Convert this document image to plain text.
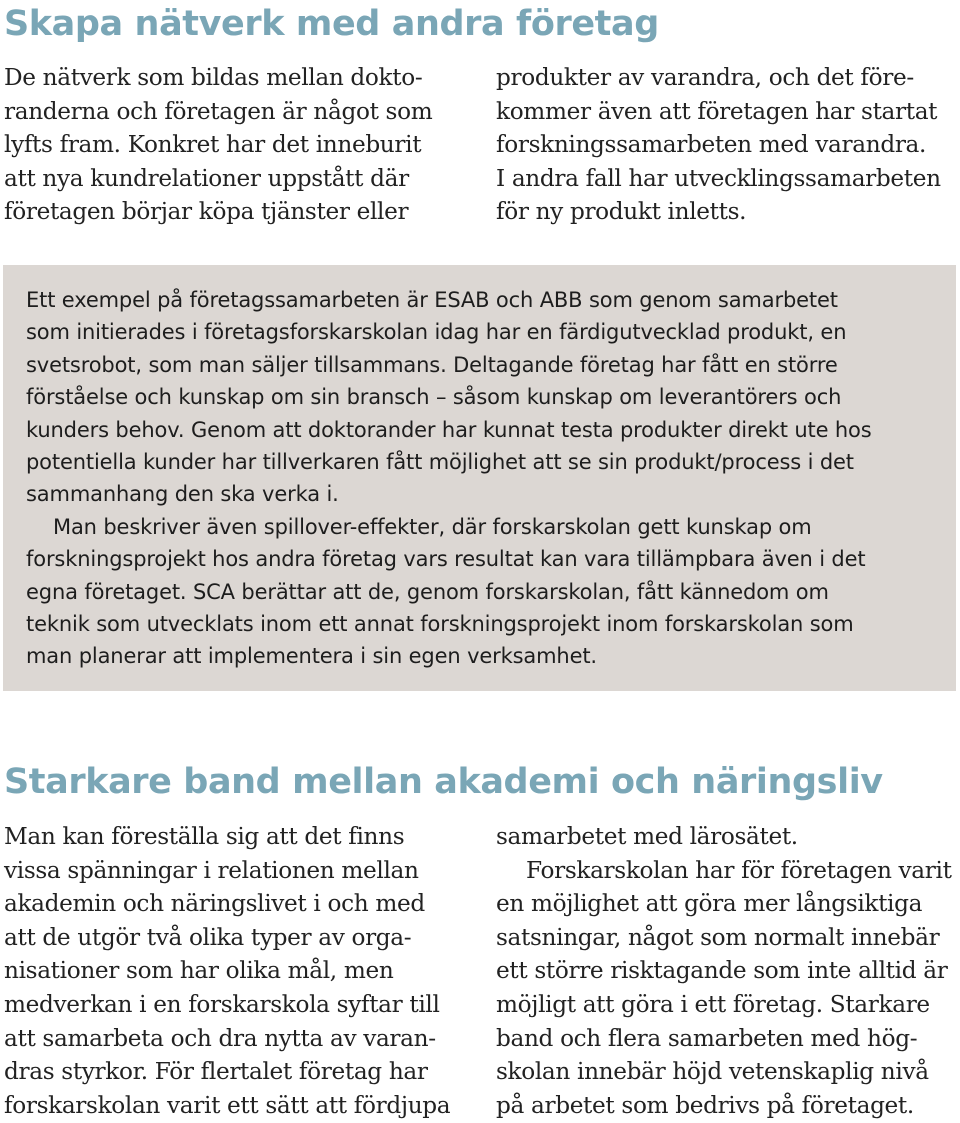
Skapa nätverk med andra företag
De nätverk som bildas mellan dokto-
randerna och företagen är något som
lyfts fram. Konkret har det inneburit
att nya kundrelationer uppstått där
företagen börjar köpa tjänster eller
produkter av varandra, och det före-
kommer även att företagen har startat
forskningssamarbeten med varandra.
I andra fall har utvecklingssamarbeten
för ny produkt inletts.
Ett exempel på företagssamarbeten är ESAB och ABB som genom samarbetet
som initierades i företagsforskarskolan idag har en färdigutvecklad produkt, en
svetsrobot, som man säljer tillsammans. Deltagande företag har fått en större
förståelse och kunskap om sin bransch – såsom kunskap om leverantörers och
kunders behov. Genom att doktorander har kunnat testa produkter direkt ute hos
potentiella kunder har tillverkaren fått möjlighet att se sin produkt/process i det
sammanhang den ska verka i.
Man beskriver även spillover-effekter, där forskarskolan gett kunskap om
forskningsprojekt hos andra företag vars resultat kan vara tillämpbara även i det
egna företaget. SCA berättar att de, genom forskarskolan, fått kännedom om
teknik som utvecklats inom ett annat forskningsprojekt inom forskarskolan som
man planerar att implementera i sin egen verksamhet.
Starkare band mellan akademi och näringsliv
Man kan föreställa sig att det finns
vissa spänningar i relationen mellan
akademin och näringslivet i och med
att de utgör två olika typer av orga-
nisationer som har olika mål, men
medverkan i en forskarskola syftar till
att samarbeta och dra nytta av varan-
dras styrkor. För flertalet företag har
forskarskolan varit ett sätt att fördjupa
samarbetet med lärosätet.
Forskarskolan har för företagen varit
en möjlighet att göra mer långsiktiga
satsningar, något som normalt innebär
ett större risktagande som inte alltid är
möjligt att göra i ett företag. Starkare
band och flera samarbeten med hög-
skolan innebär höjd vetenskaplig nivå
på arbetet som bedrivs på företaget.
